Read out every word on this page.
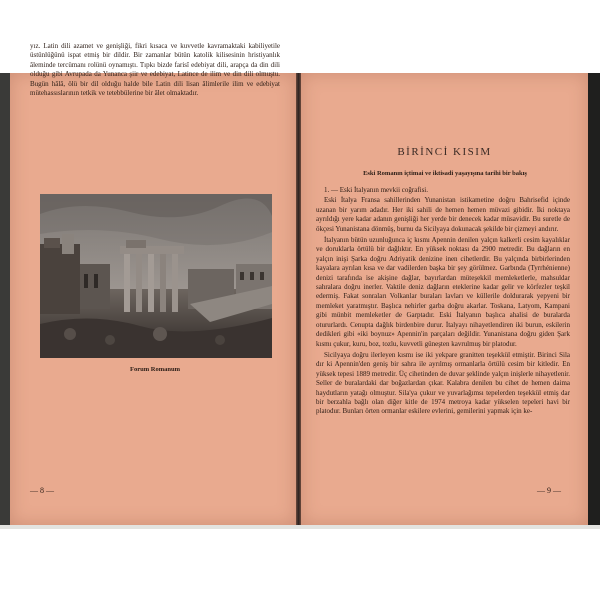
yız. Latin dili azamet ve genişliği, fikri kısaca ve kuvvetle kavramaktaki kabiliyetile üstünlüğünü ispat etmiş bir dildir. Bir zamanlar bütün katolik kilisesinin hristiyanlık âleminde tercümanı rolünü oynamıştı. Tıpkı bizde farisî edebiyat dili, arapça da din dili olduğu gibi Avrupada da Yunanca şiir ve edebiyat, Latince de ilim ve din dili olmuştu. Bugün hâlâ, ölü bir dil olduğu halde bile Latin dili lisan âlimlerile ilim ve edebiyat mütehassıslarının tetkik ve tetebbülerine bir âlet olmaktadır.

Forum Romanum
— 8 —
BİRİNCİ KISIM
Eski Romanın içtimai ve iktisadi yaşayışına tarihi bir bakış

1. — Eski İtalyanın mevkii coğrafisi.

Eski İtalya Fransa sahillerinden Yunanistan istikametine doğru Bahrisefid içinde uzanan bir yarım adadır. Her iki sahili de hemen hemen müvazi gibidir. İki noktaya ayrıldığı yere kadar adanın genişliği her yerde bir denecek kadar müsavidir. Bu suretle de ökçesi Yunanistana dönmüş, burnu da Sicilyaya dokunacak şekilde bir çizmeyi andırır.

İtalyanın bütün uzunluğunca iç kısmı Apennin denilen yalçın kalkerli cesim kayalıklar ve doruklarla örtülü bir dağlıktır. En yüksek noktası da 2900 metredir. Bu dağların en yalçın inişi Şarka doğru Adriyatik denizine inen cihetlerdir. Bu yalçında birbirlerinden kayalara ayrılan kısa ve dar vadilerden başka bir şey görülmez. Garbında (Tyrrhénienne) denizi tarafında ise akişine dağlar, bayırlardan müteşekkil memleketlerle, mahsuldar sahralara doğru inerler. Vaktile deniz dağların eteklerine kadar gelir ve körfezler teşkil edermiş. Fakat sonraları Volkanlar buraları lavları ve küllerile doldurarak yepyeni bir memleket yaratmıştır. Başlıca nehirler garba doğru akarlar. Toskana, Latyom, Kampani gibi münbit memleketler de Garptadır. Eski İtalyanın başlıca ahalisi de buralarda otururlardı. Cenupta dağlık birdenbire durur. İtalyayı nihayetlendiren iki burun, eskilerin dedikleri gibi «iki boynuz» Apennin'in parçaları değildir. Yunanistana doğru giden Şark kısmı çukur, kuru, boz, tozlu, kuvvetli güneşten kavrulmuş bir platodur.

Sicilyaya doğru ilerleyen kısmı ise iki yekpare granitten teşekkül etmiştir. Birinci Sila dır ki Apennin'den geniş bir sahra ile ayrılmış ormanlarla örtülü cesim bir kitledir. En yüksek tepesi 1889 metredir. Üç cihetinden de duvar şeklinde yalçın inişlerle nihayetlenir. Seller de buralardaki dar boğazlardan çıkar. Kalabra denilen bu cihet de hemen daima haydutların yatağı olmuştur. Sila'ya çukur ve yuvarlağımsı tepelerden teşekkül etmiş dar bir berzahla bağlı olan diğer kitle de 1974 metroya kadar yükselen tepeleri havi bir platodur. Bunları örten ormanlar eskilere evlerini, gemilerini yapmak için ke-

— 9 —
